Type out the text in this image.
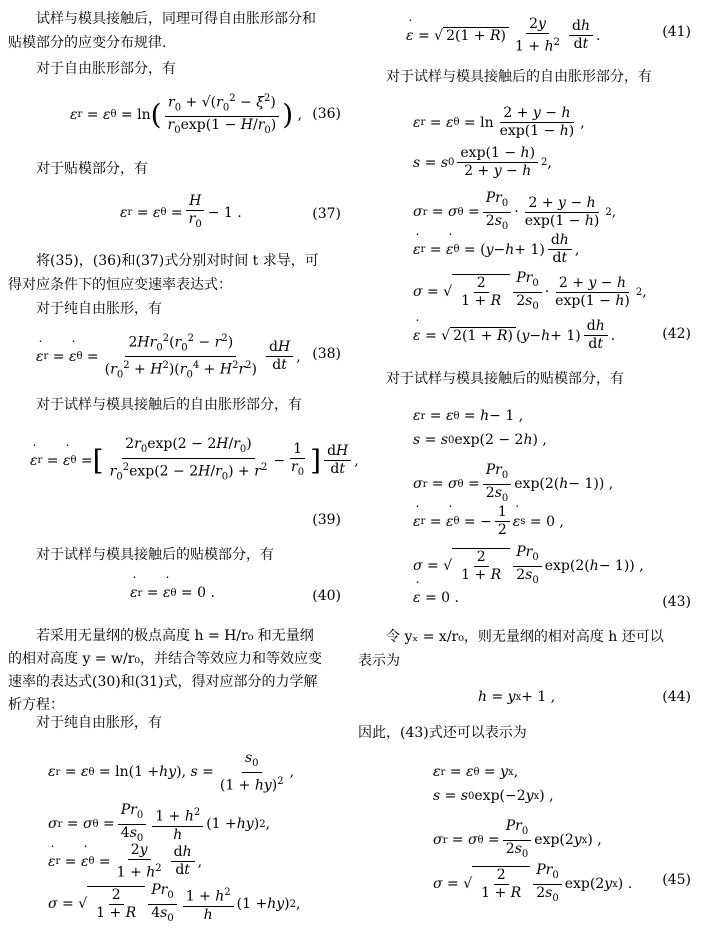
试样与模具接触后，同理可得自由胀形部分和
贴模部分的应变分布规律.
对于自由胀形部分，有
ε r = ε θ = ln ( $\frac{r_0 + √(r_0^2 - \xi^2)}{r_0\exp(1 - H/r_0)}$ ) , (36)
对于贴模部分，有
ε r = ε $\theta = \frac{H}{r_0} - 1$ .	(37)
将(35)，(36)和(37)式分别对时间 t 求导，可
得对应条件下的恒应变速率表达式：
对于纯自由胀形，有
ε ˙ r = ε ˙ $\theta = \frac{2Hr_0^2(r_0^2 - r^2)}{(r_0^2 + H^2)(r_0^4 + H^2r^2)} \frac{dH}{dt}$ , (38)
对于试样与模具接触后的自由胀形部分，有
ε ˙ r = ε ˙ θ = [ $\frac{2r_0\exp(2 - 2H/r_0)}{r_0^2\exp(2 - 2H/r_0) + r^2} - \frac{1}{r_0}$ ] $\frac{dH}{dt}$ ,
(39)
对于试样与模具接触后的贴模部分，有
ε ˙ r = ε ˙ θ = 0 .	(40)
若采用无量纲的极点高度 h = H/r₀ 和无量纲
的相对高度 y = w/r₀，并结合等效应力和等效应变
速率的表达式(30)和(31)式，得对应部分的力学解
析方程：
对于纯自由胀形，有
ε r = ε θ = ln(1 + hy ), $s = \frac{s_0}{(1 + hy)^2}$ ,
σ r = σ $\theta = \frac{Pr_0}{4s_0} \frac{1 + h^2}{h} (1$ + hy ) 2 ,
ε ˙ r = ε ˙ $\theta = \frac{2y}{1 + h^2} \frac{dh}{dt}$ ,
σ = √ $\frac{2}{1 + R} \frac{Pr_0}{4s_0} \frac{1 + h^2}{h} (1$ + hy ) 2 ,
ε ˙ = √ $2(1 + R) \frac{2y}{1 + h^2} \frac{dh}{dt}$ .	(41)
对于试样与模具接触后的自由胀形部分，有
ε r = ε $\theta = \ln \frac{2 + y - h}{\exp(1 - h)}$ ,
s = s $0 \frac{\exp(1 - h)}{2 + y - h} 2$ ,
σ r = σ $\theta = \frac{Pr_0}{2s_0} \cdot \frac{2 + y - h}{\exp(1 - h)} 2$ ,
ε ˙ r = ε ˙ θ = ( $y - h + 1) \frac{dh}{dt}$ ,
σ = √ $\frac{2}{1 + R} \frac{Pr_0}{2s_0} \cdot \frac{2 + y - h}{\exp(1 - h)} 2$ ,
ε ˙ = √ 2(1 + R) ( $y - h + 1) \frac{dh}{dt}$ .	(42)
对于试样与模具接触后的贴模部分，有
ε r = ε θ = h − 1 ,
s = s 0 exp(2 − 2 h ) ,
σ r = σ $\theta = \frac{Pr_0}{2s_0} \exp(2$( h − 1)) ,
ε ˙ r = ε ˙ θ = − $\frac{1}{2}$ ε ˙ s = 0 ,
σ = √ $\frac{2}{1 + R} \frac{Pr_0}{2s_0} \exp(2$( h − 1)) ,
ε ˙ = 0 .	(43)
令 yₓ = x/r₀，则无量纲的相对高度 h 还可以
表示为
h = y x + 1 ,	(44)
因此，(43)式还可以表示为
ε r = ε θ = y x ,
s = s 0 exp(−2 y x ) ,
σ r = σ $\theta = \frac{Pr_0}{2s_0} \exp(2$ y x ) ,
σ = √ $\frac{2}{1 + R} \frac{Pr_0}{2s_0} \exp(2$ y x ) . (45)
